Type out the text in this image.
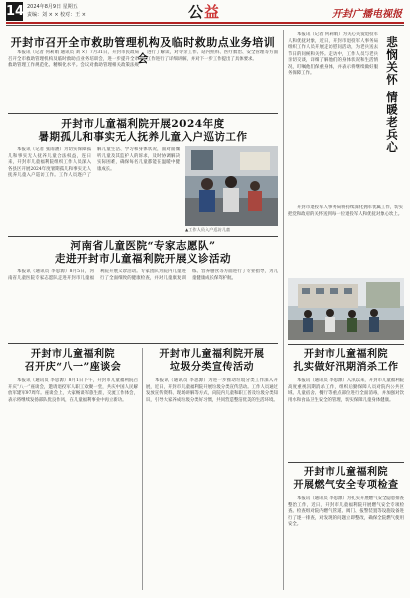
14 2024年8月9日 星期五
责编：刘 × × 校对：王 ×	公益	开封广播电视报
开封市召开全市救助管理机构及临时救助点业务培训会

本报讯（记者 何莉娟 通讯员 刘 ×）7月31日，开封市民政局召开全市救助管理机构及临时救助点业务培训会，进一步提升全市救助管理工作规范化、精细化水平。会议对救助管理相关政策法规进行了解读，对寻亲工作、站内照料、医疗救治、安全管理等方面工作进行了详细讲解，并对下一步工作提出了具体要求。

开封市儿童福利院开展2024年度
暑期孤儿和事实无人抚养儿童入户巡访工作

本报讯（记者 张雨涵）为切实保障孤儿和事实无人抚养儿童合法权益，连日来，开封市儿童福利院组织工作人员深入各县区开展2024年度暑期孤儿和事实无人抚养儿童入户巡访工作。工作人员逐户了解儿童生活、学习和身体状况，面对面倾听儿童及其监护人的诉求，及时协调解决实际困难，确保每名儿童都能在温暖中健康成长。

▲工作人员入户巡访儿童
河南省儿童医院“专家志愿队”
走进开封市儿童福利院开展义诊活动

本报讯（通讯员 李思源）8月5日，河南省儿童医院专家志愿队走进开封市儿童福利院开展义诊活动。专家团队为院内儿童进行了全面细致的健康检查，并对儿童康复训练、营养膳食等方面进行了专业指导，为儿童健康成长保驾护航。

开封市儿童福利院
召开庆“八一”座谈会

本报讯（通讯员 李思源）8月1日下午，开封市儿童福利院召开庆“八一”座谈会，邀请退役军人职工欢聚一堂，共庆中国人民解放军建军97周年。座谈会上，大家畅谈军旅生涯，交流工作体会，表示将继续发扬部队优良作风，在儿童福利事业中再立新功。

开封市儿童福利院开展
垃圾分类宣传活动

本报讯（通讯员 李思源）为进一步推动垃圾分类工作深入开展，近日，开封市儿童福利院开展垃圾分类宣传活动。工作人员通过发放宣传资料、现场讲解等方式，向院内儿童和职工普及垃圾分类知识，引导大家养成垃圾分类好习惯，共同营造整洁优美的生活环境。

本报讯（记者 何莉娟）为关心关爱退役军人和优抚对象，近日，开封市退役军人事务局组织工作人员开展走访慰问活动，为老兵送去节日的问候和关怀。走访中，工作人员与老兵亲切交谈，详细了解他们的身体状况和生活情况，叮嘱他们保重身体，并表示将继续做好服务保障工作。	悲悯关怀 情暖老兵心

开封市退役军人事务局将持续深化拥军优属工作，切实把党和政府的关怀送到每一位退役军人和优抚对象心坎上。

开封市儿童福利院
扎实做好汛期消杀工作

本报讯（通讯员 李思源）入汛以来，开封市儿童福利院高度重视汛期消杀工作，组织后勤保障人员对院内公共区域、儿童宿舍、餐厅等重点部位进行全面消毒，并加强对饮用水和食品卫生安全的管理，切实保障儿童身体健康。

开封市儿童福利院
开展燃气安全专项检查

本报讯（通讯员 李思源）为扎实开展燃气安全隐患排查整治工作，近日，开封市儿童福利院开展燃气安全专项检查。检查组对院内燃气管道、阀门、报警装置等设施设备进行了逐一排查，对发现的问题立即整改，确保全院燃气使用安全。
